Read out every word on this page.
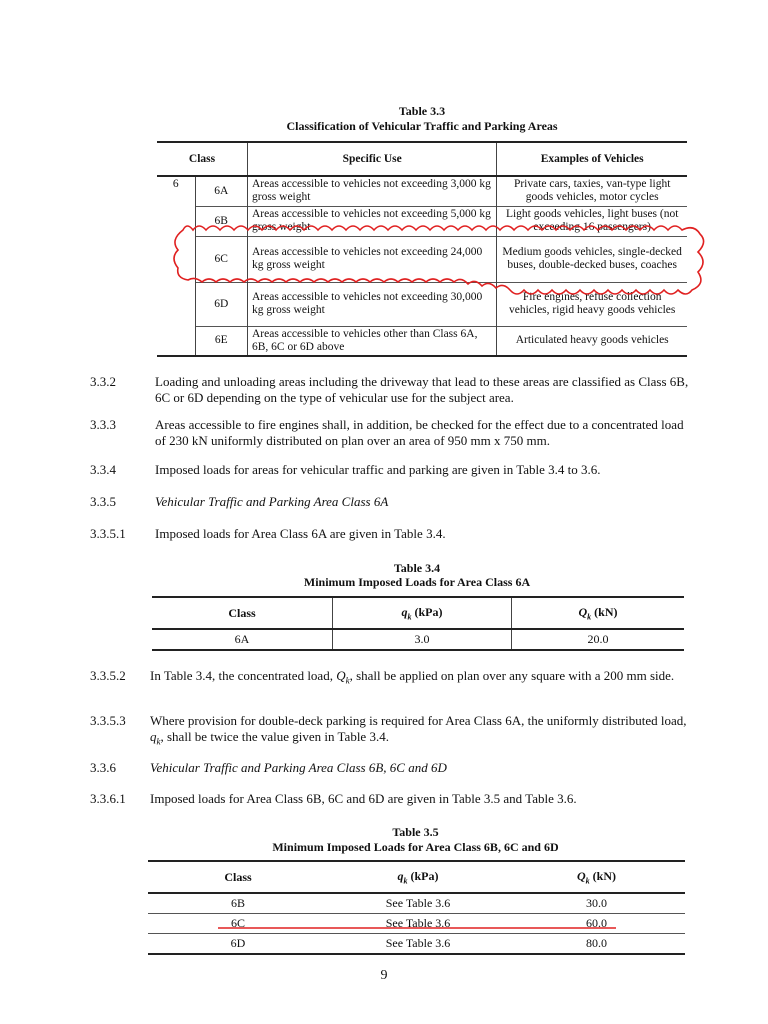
Table 3.3
Classification of Vehicular Traffic and Parking Areas
Class		Specific Use	Examples of Vehicles
6	6A	Areas accessible to vehicles not exceeding 3,000 kg gross weight	Private cars, taxies, van-type light goods vehicles, motor cycles
	6B	Areas accessible to vehicles not exceeding 5,000 kg gross weight	Light goods vehicles, light buses (not exceeding 16 passengers)
	6C	Areas accessible to vehicles not exceeding 24,000 kg gross weight	Medium goods vehicles, single-decked buses, double-decked buses, coaches
	6D	Areas accessible to vehicles not exceeding 30,000 kg gross weight	Fire engines, refuse collection vehicles, rigid heavy goods vehicles
	6E	Areas accessible to vehicles other than Class 6A, 6B, 6C or 6D above	Articulated heavy goods vehicles
3.3.2	Loading and unloading areas including the driveway that lead to these areas are classified as Class 6B, 6C or 6D depending on the type of vehicular use for the subject area.
3.3.3	Areas accessible to fire engines shall, in addition, be checked for the effect due to a concentrated load of 230 kN uniformly distributed on plan over an area of 950 mm x 750 mm.
3.3.4	Imposed loads for areas for vehicular traffic and parking are given in Table 3.4 to 3.6.
3.3.5	Vehicular Traffic and Parking Area Class 6A
3.3.5.1 Imposed loads for Area Class 6A are given in Table 3.4.
Table 3.4
Minimum Imposed Loads for Area Class 6A
Class	$q_k$ (kPa)	$Q_k$ (kN)
6A	3.0	20.0
3.3.5.2 In Table 3.4, the concentrated load, $Q_k$, shall be applied on plan over any square with a 200 mm side.
3.3.5.3 Where provision for double-deck parking is required for Area Class 6A, the uniformly distributed load, $q_k$, shall be twice the value given in Table 3.4.
3.3.6	Vehicular Traffic and Parking Area Class 6B, 6C and 6D
3.3.6.1 Imposed loads for Area Class 6B, 6C and 6D are given in Table 3.5 and Table 3.6.
Table 3.5
Minimum Imposed Loads for Area Class 6B, 6C and 6D
Class	$q_k$ (kPa)	$Q_k$ (kN)
6B	See Table 3.6	30.0
6C	See Table 3.6	60.0
6D	See Table 3.6	80.0
9
